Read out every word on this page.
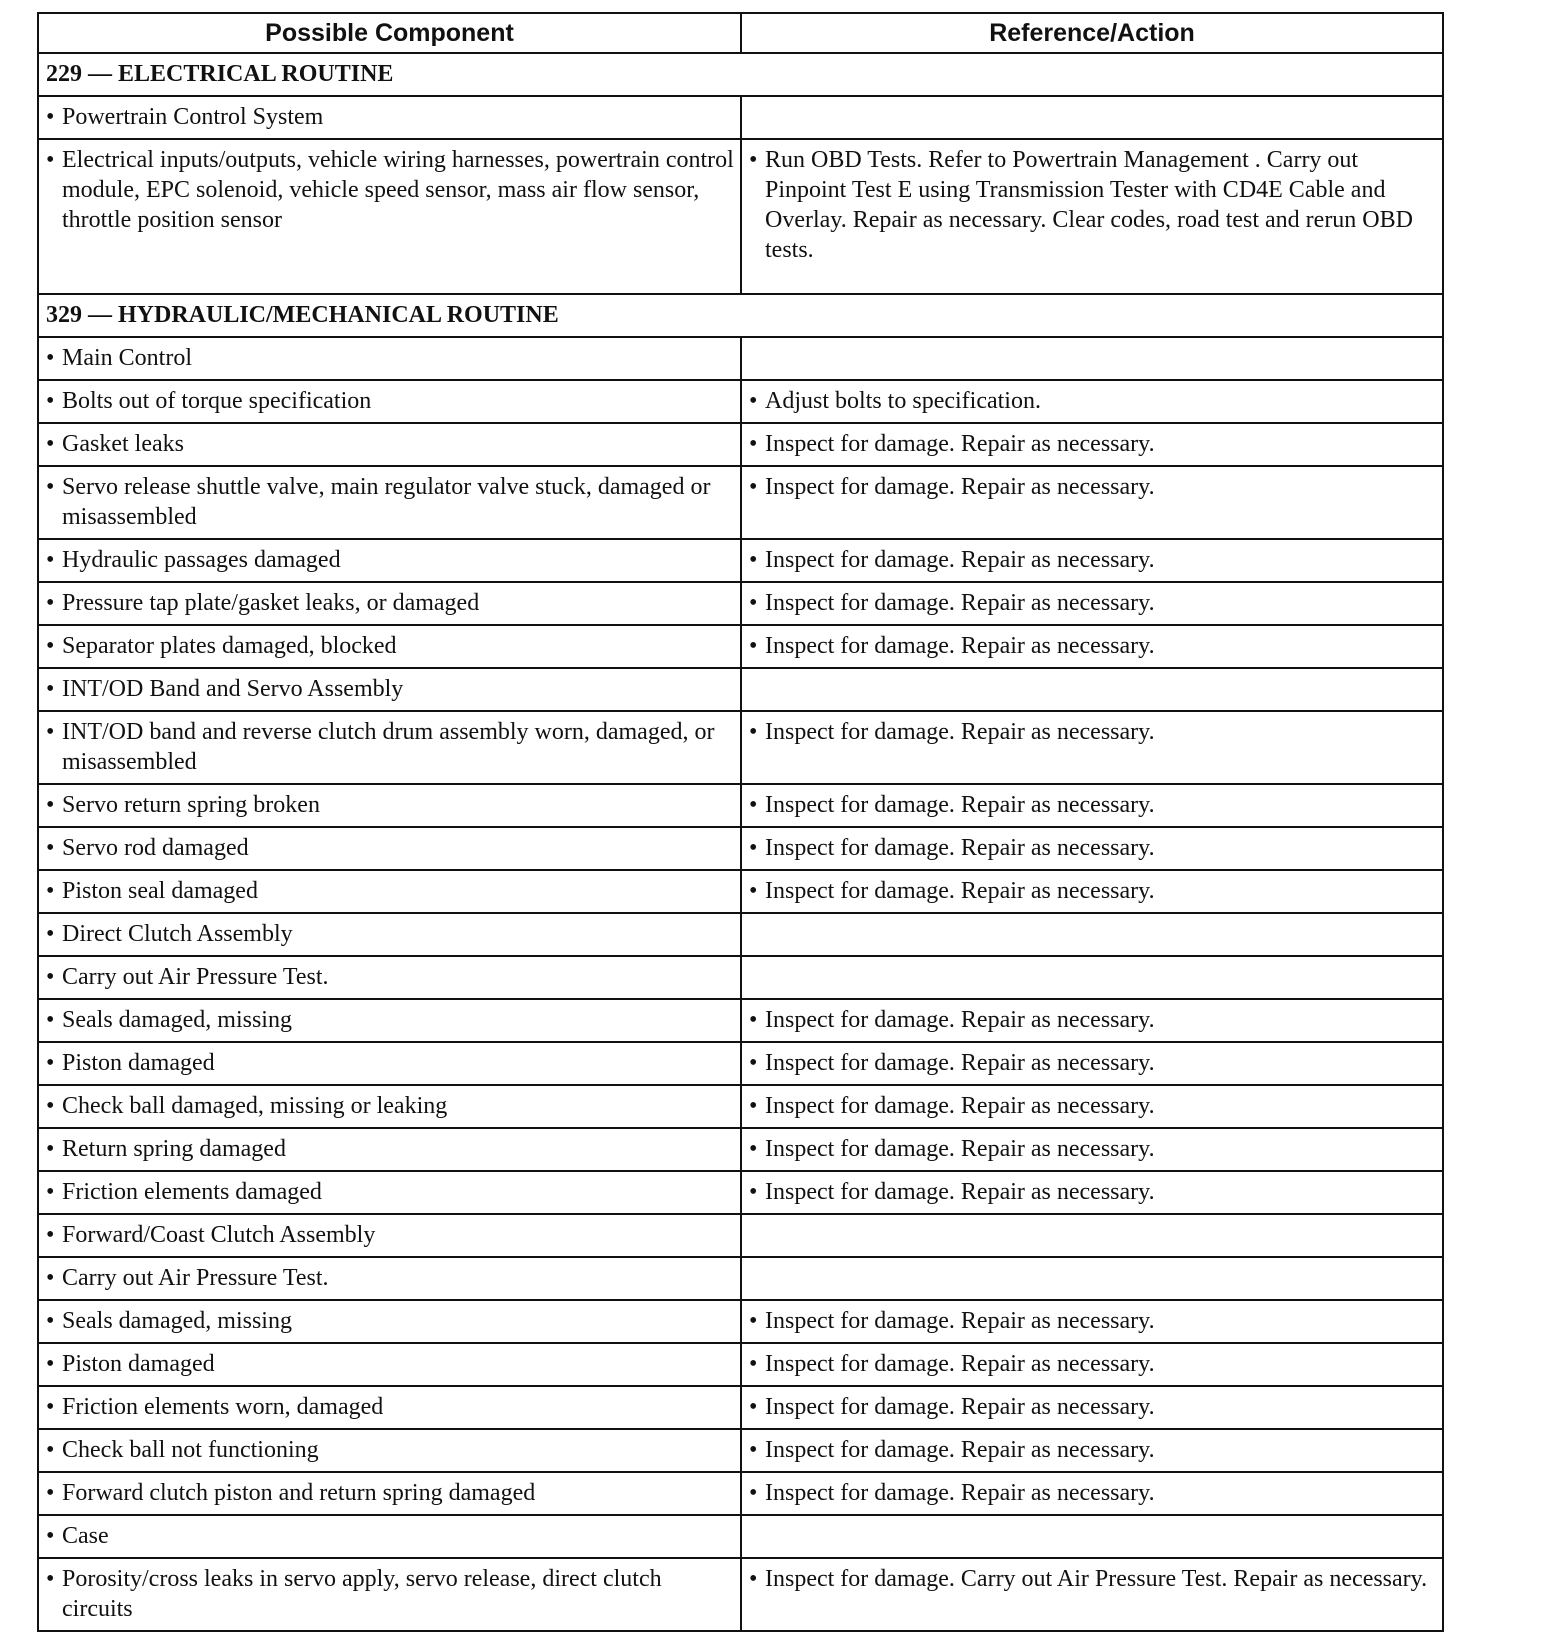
Possible Component	Reference/Action
229 — ELECTRICAL ROUTINE	

• Powertrain Control System	

• Electrical inputs/outputs, vehicle wiring harnesses, powertrain control module, EPC solenoid, vehicle speed sensor, mass air flow sensor, throttle position sensor	• Run OBD Tests. Refer to Powertrain Management . Carry out Pinpoint Test E using Transmission Tester with CD4E Cable and Overlay. Repair as necessary. Clear codes, road test and rerun OBD tests.

329 — HYDRAULIC/MECHANICAL ROUTINE	

• Main Control	

• Bolts out of torque specification	• Adjust bolts to specification.

• Gasket leaks	• Inspect for damage. Repair as necessary.

• Servo release shuttle valve, main regulator valve stuck, damaged or misassembled	• Inspect for damage. Repair as necessary.

• Hydraulic passages damaged	• Inspect for damage. Repair as necessary.

• Pressure tap plate/gasket leaks, or damaged	• Inspect for damage. Repair as necessary.

• Separator plates damaged, blocked	• Inspect for damage. Repair as necessary.

• INT/OD Band and Servo Assembly	

• INT/OD band and reverse clutch drum assembly worn, damaged, or misassembled	• Inspect for damage. Repair as necessary.

• Servo return spring broken	• Inspect for damage. Repair as necessary.

• Servo rod damaged	• Inspect for damage. Repair as necessary.

• Piston seal damaged	• Inspect for damage. Repair as necessary.

• Direct Clutch Assembly	

• Carry out Air Pressure Test.	

• Seals damaged, missing	• Inspect for damage. Repair as necessary.

• Piston damaged	• Inspect for damage. Repair as necessary.

• Check ball damaged, missing or leaking	• Inspect for damage. Repair as necessary.

• Return spring damaged	• Inspect for damage. Repair as necessary.

• Friction elements damaged	• Inspect for damage. Repair as necessary.

• Forward/Coast Clutch Assembly	

• Carry out Air Pressure Test.	

• Seals damaged, missing	• Inspect for damage. Repair as necessary.

• Piston damaged	• Inspect for damage. Repair as necessary.

• Friction elements worn, damaged	• Inspect for damage. Repair as necessary.

• Check ball not functioning	• Inspect for damage. Repair as necessary.

• Forward clutch piston and return spring damaged	• Inspect for damage. Repair as necessary.

• Case	

• Porosity/cross leaks in servo apply, servo release, direct clutch circuits	• Inspect for damage. Carry out Air Pressure Test. Repair as necessary.
